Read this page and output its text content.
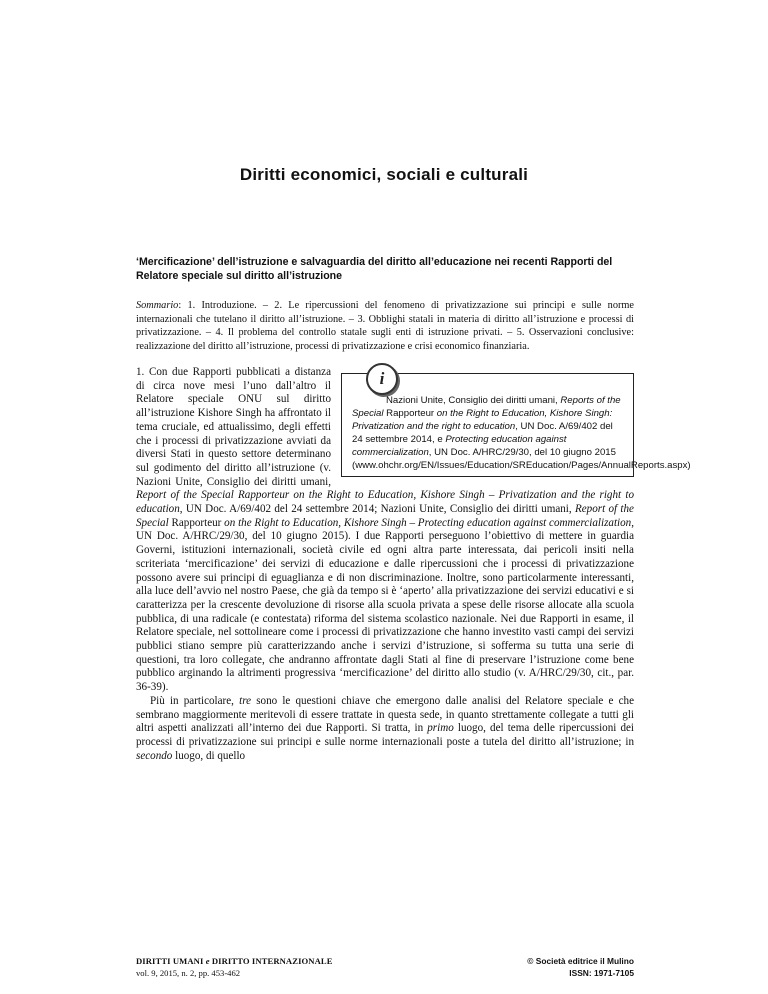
Diritti economici, sociali e culturali
‘Mercificazione’ dell’istruzione e salvaguardia del diritto all’educazione nei recenti Rapporti del Relatore speciale sul diritto all’istruzione

Sommario: 1. Introduzione. – 2. Le ripercussioni del fenomeno di privatizzazione sui principi e sulle norme internazionali che tutelano il diritto all’istruzione. – 3. Obblighi statali in materia di diritto all’istruzione e processi di privatizzazione. – 4. Il problema del controllo statale sugli enti di istruzione privati. – 5. Osservazioni conclusive: realizzazione del diritto all’istruzione, processi di privatizzazione e crisi economico finanziaria.

i
Nazioni Unite, Consiglio dei diritti umani, Reports of the Special Rapporteur on the Right to Education, Kishore Singh: Privatization and the right to education, UN Doc. A/69/402 del 24 settembre 2014, e Protecting education against commercialization, UN Doc. A/HRC/29/30, del 10 giugno 2015 (www.ohchr.org/EN/Issues/Education/SREducation/Pages/AnnualReports.aspx)
1. Con due Rapporti pubblicati a distanza di circa nove mesi l’uno dall’altro il Relatore speciale ONU sul diritto all’istruzione Kishore Singh ha affrontato il tema cruciale, ed attualissimo, degli effetti che i processi di privatizzazione avviati da diversi Stati in questo settore determinano sul godimento del diritto all’istruzione (v. Nazioni Unite, Consiglio dei diritti umani, Report of the Special Rapporteur on the Right to Education, Kishore Singh – Privatization and the right to education, UN Doc. A/69/402 del 24 settembre 2014; Nazioni Unite, Consiglio dei diritti umani, Report of the Special Rapporteur on the Right to Education, Kishore Singh – Protecting education against commercialization, UN Doc. A/HRC/29/30, del 10 giugno 2015). I due Rapporti perseguono l’obiettivo di mettere in guardia Governi, istituzioni internazionali, società civile ed ogni altra parte interessata, dai pericoli insiti nella scriteriata ‘mercificazione’ dei servizi di educazione e dalle ripercussioni che i processi di privatizzazione possono avere sui principi di eguaglianza e di non discriminazione. Inoltre, sono particolarmente interessanti, alla luce dell’avvio nel nostro Paese, che già da tempo si è ‘aperto’ alla privatizzazione dei servizi educativi e si caratterizza per la crescente devoluzione di risorse alla scuola privata a spese delle risorse allocate alla scuola pubblica, di una radicale (e contestata) riforma del sistema scolastico nazionale. Nei due Rapporti in esame, il Relatore speciale, nel sottolineare come i processi di privatizzazione che hanno investito vasti campi dei servizi pubblici stiano sempre più caratterizzando anche i servizi d’istruzione, si sofferma su tutta una serie di questioni, tra loro collegate, che andranno affrontate dagli Stati al fine di preservare l’istruzione come bene pubblico arginando la altrimenti progressiva ‘mercificazione’ del diritto allo studio (v. A/HRC/29/30, cit., par. 36-39).

Più in particolare, tre sono le questioni chiave che emergono dalle analisi del Relatore speciale e che sembrano maggiormente meritevoli di essere trattate in questa sede, in quanto strettamente collegate a tutti gli altri aspetti analizzati all’interno dei due Rapporti. Si tratta, in primo luogo, del tema delle ripercussioni dei processi di privatizzazione sui principi e sulle norme internazionali poste a tutela del diritto all’istruzione; in secondo luogo, di quello

DIRITTI UMANI e DIRITTO INTERNAZIONALE
vol. 9, 2015, n. 2, pp. 453-462
© Società editrice il Mulino
ISSN: 1971-7105
